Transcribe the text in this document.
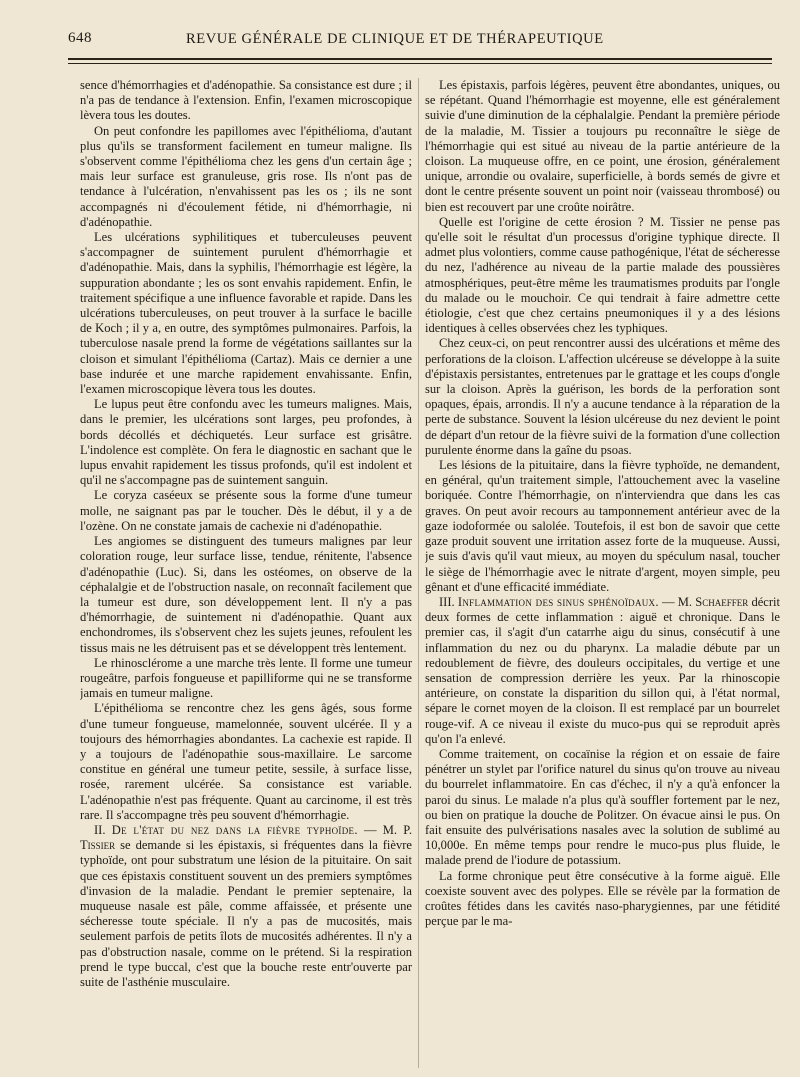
648	REVUE GÉNÉRALE DE CLINIQUE ET DE THÉRAPEUTIQUE

sence d'hémorrhagies et d'adénopathie. Sa consistance est dure ; il n'a pas de tendance à l'extension. Enfin, l'examen microscopique lèvera tous les doutes.

On peut confondre les papillomes avec l'épithélioma, d'autant plus qu'ils se transforment facilement en tumeur maligne. Ils s'observent comme l'épithélioma chez les gens d'un certain âge ; mais leur surface est granuleuse, gris rose. Ils n'ont pas de tendance à l'ulcération, n'envahissent pas les os ; ils ne sont accompagnés ni d'écoulement fétide, ni d'hémorrhagie, ni d'adénopathie.

Les ulcérations syphilitiques et tuberculeuses peuvent s'accompagner de suintement purulent d'hémorrhagie et d'adénopathie. Mais, dans la syphilis, l'hémorrhagie est légère, la suppuration abondante ; les os sont envahis rapidement. Enfin, le traitement spécifique a une influence favorable et rapide. Dans les ulcérations tuberculeuses, on peut trouver à la surface le bacille de Koch ; il y a, en outre, des symptômes pulmonaires. Parfois, la tuberculose nasale prend la forme de végétations saillantes sur la cloison et simulant l'épithélioma (Cartaz). Mais ce dernier a une base indurée et une marche rapidement envahissante. Enfin, l'examen microscopique lèvera tous les doutes.

Le lupus peut être confondu avec les tumeurs malignes. Mais, dans le premier, les ulcérations sont larges, peu profondes, à bords décollés et déchiquetés. Leur surface est grisâtre. L'indolence est complète. On fera le diagnostic en sachant que le lupus envahit rapidement les tissus profonds, qu'il est indolent et qu'il ne s'accompagne pas de suintement sanguin.

Le coryza caséeux se présente sous la forme d'une tumeur molle, ne saignant pas par le toucher. Dès le début, il y a de l'ozène. On ne constate jamais de cachexie ni d'adénopathie.

Les angiomes se distinguent des tumeurs malignes par leur coloration rouge, leur surface lisse, tendue, rénitente, l'absence d'adénopathie (Luc). Si, dans les ostéomes, on observe de la céphalalgie et de l'obstruction nasale, on reconnaît facilement que la tumeur est dure, son développement lent. Il n'y a pas d'hémorrhagie, de suintement ni d'adénopathie. Quant aux enchondromes, ils s'observent chez les sujets jeunes, refoulent les tissus mais ne les détruisent pas et se développent très lentement.

Le rhinosclérome a une marche très lente. Il forme une tumeur rougeâtre, parfois fongueuse et papilliforme qui ne se transforme jamais en tumeur maligne.

L'épithélioma se rencontre chez les gens âgés, sous forme d'une tumeur fongueuse, mamelonnée, souvent ulcérée. Il y a toujours des hémorrhagies abondantes. La cachexie est rapide. Il y a toujours de l'adénopathie sous-maxillaire. Le sarcome constitue en général une tumeur petite, sessile, à surface lisse, rosée, rarement ulcérée. Sa consistance est variable. L'adénopathie n'est pas fréquente. Quant au carcinome, il est très rare. Il s'accompagne très peu souvent d'hémorrhagie.

II. De l'état du nez dans la fièvre typhoïde. — M. P. Tissier se demande si les épistaxis, si fréquentes dans la fièvre typhoïde, ont pour substratum une lésion de la pituitaire. On sait que ces épistaxis constituent souvent un des premiers symptômes d'invasion de la maladie. Pendant le premier septenaire, la muqueuse nasale est pâle, comme affaissée, et présente une sécheresse toute spéciale. Il n'y a pas de mucosités, mais seulement parfois de petits îlots de mucosités adhérentes. Il n'y a pas d'obstruction nasale, comme on le prétend. Si la respiration prend le type buccal, c'est que la bouche reste entr'ouverte par suite de l'asthénie musculaire.

Les épistaxis, parfois légères, peuvent être abondantes, uniques, ou se répétant. Quand l'hémorrhagie est moyenne, elle est généralement suivie d'une diminution de la céphalalgie. Pendant la première période de la maladie, M. Tissier a toujours pu reconnaître le siège de l'hémorrhagie qui est situé au niveau de la partie antérieure de la cloison. La muqueuse offre, en ce point, une érosion, généralement unique, arrondie ou ovalaire, superficielle, à bords semés de givre et dont le centre présente souvent un point noir (vaisseau thrombosé) ou bien est recouvert par une croûte noirâtre.

Quelle est l'origine de cette érosion ? M. Tissier ne pense pas qu'elle soit le résultat d'un processus d'origine typhique directe. Il admet plus volontiers, comme cause pathogénique, l'état de sécheresse du nez, l'adhérence au niveau de la partie malade des poussières atmosphériques, peut-être même les traumatismes produits par l'ongle du malade ou le mouchoir. Ce qui tendrait à faire admettre cette étiologie, c'est que chez certains pneumoniques il y a des lésions identiques à celles observées chez les typhiques.

Chez ceux-ci, on peut rencontrer aussi des ulcérations et même des perforations de la cloison. L'affection ulcéreuse se développe à la suite d'épistaxis persistantes, entretenues par le grattage et les coups d'ongle sur la cloison. Après la guérison, les bords de la perforation sont opaques, épais, arrondis. Il n'y a aucune tendance à la réparation de la perte de substance. Souvent la lésion ulcéreuse du nez devient le point de départ d'un retour de la fièvre suivi de la formation d'une collection purulente énorme dans la gaîne du psoas.

Les lésions de la pituitaire, dans la fièvre typhoïde, ne demandent, en général, qu'un traitement simple, l'attouchement avec la vaseline boriquée. Contre l'hémorrhagie, on n'interviendra que dans les cas graves. On peut avoir recours au tamponnement antérieur avec de la gaze iodoformée ou salolée. Toutefois, il est bon de savoir que cette gaze produit souvent une irritation assez forte de la muqueuse. Aussi, je suis d'avis qu'il vaut mieux, au moyen du spéculum nasal, toucher le siège de l'hémorrhagie avec le nitrate d'argent, moyen simple, peu gênant et d'une efficacité immédiate.

III. Inflammation des sinus sphénoïdaux. — M. Schaeffer décrit deux formes de cette inflammation : aiguë et chronique. Dans le premier cas, il s'agit d'un catarrhe aigu du sinus, consécutif à une inflammation du nez ou du pharynx. La maladie débute par un redoublement de fièvre, des douleurs occipitales, du vertige et une sensation de compression derrière les yeux. Par la rhinoscopie antérieure, on constate la disparition du sillon qui, à l'état normal, sépare le cornet moyen de la cloison. Il est remplacé par un bourrelet rouge-vif. A ce niveau il existe du muco-pus qui se reproduit après qu'on l'a enlevé.

Comme traitement, on cocaïnise la région et on essaie de faire pénétrer un stylet par l'orifice naturel du sinus qu'on trouve au niveau du bourrelet inflammatoire. En cas d'échec, il n'y a qu'à enfoncer la paroi du sinus. Le malade n'a plus qu'à souffler fortement par le nez, ou bien on pratique la douche de Politzer. On évacue ainsi le pus. On fait ensuite des pulvérisations nasales avec la solution de sublimé au 10,000e. En même temps pour rendre le muco-pus plus fluide, le malade prend de l'iodure de potassium.

La forme chronique peut être consécutive à la forme aiguë. Elle coexiste souvent avec des polypes. Elle se révèle par la formation de croûtes fétides dans les cavités naso-pharygiennes, par une fétidité perçue par le ma-
